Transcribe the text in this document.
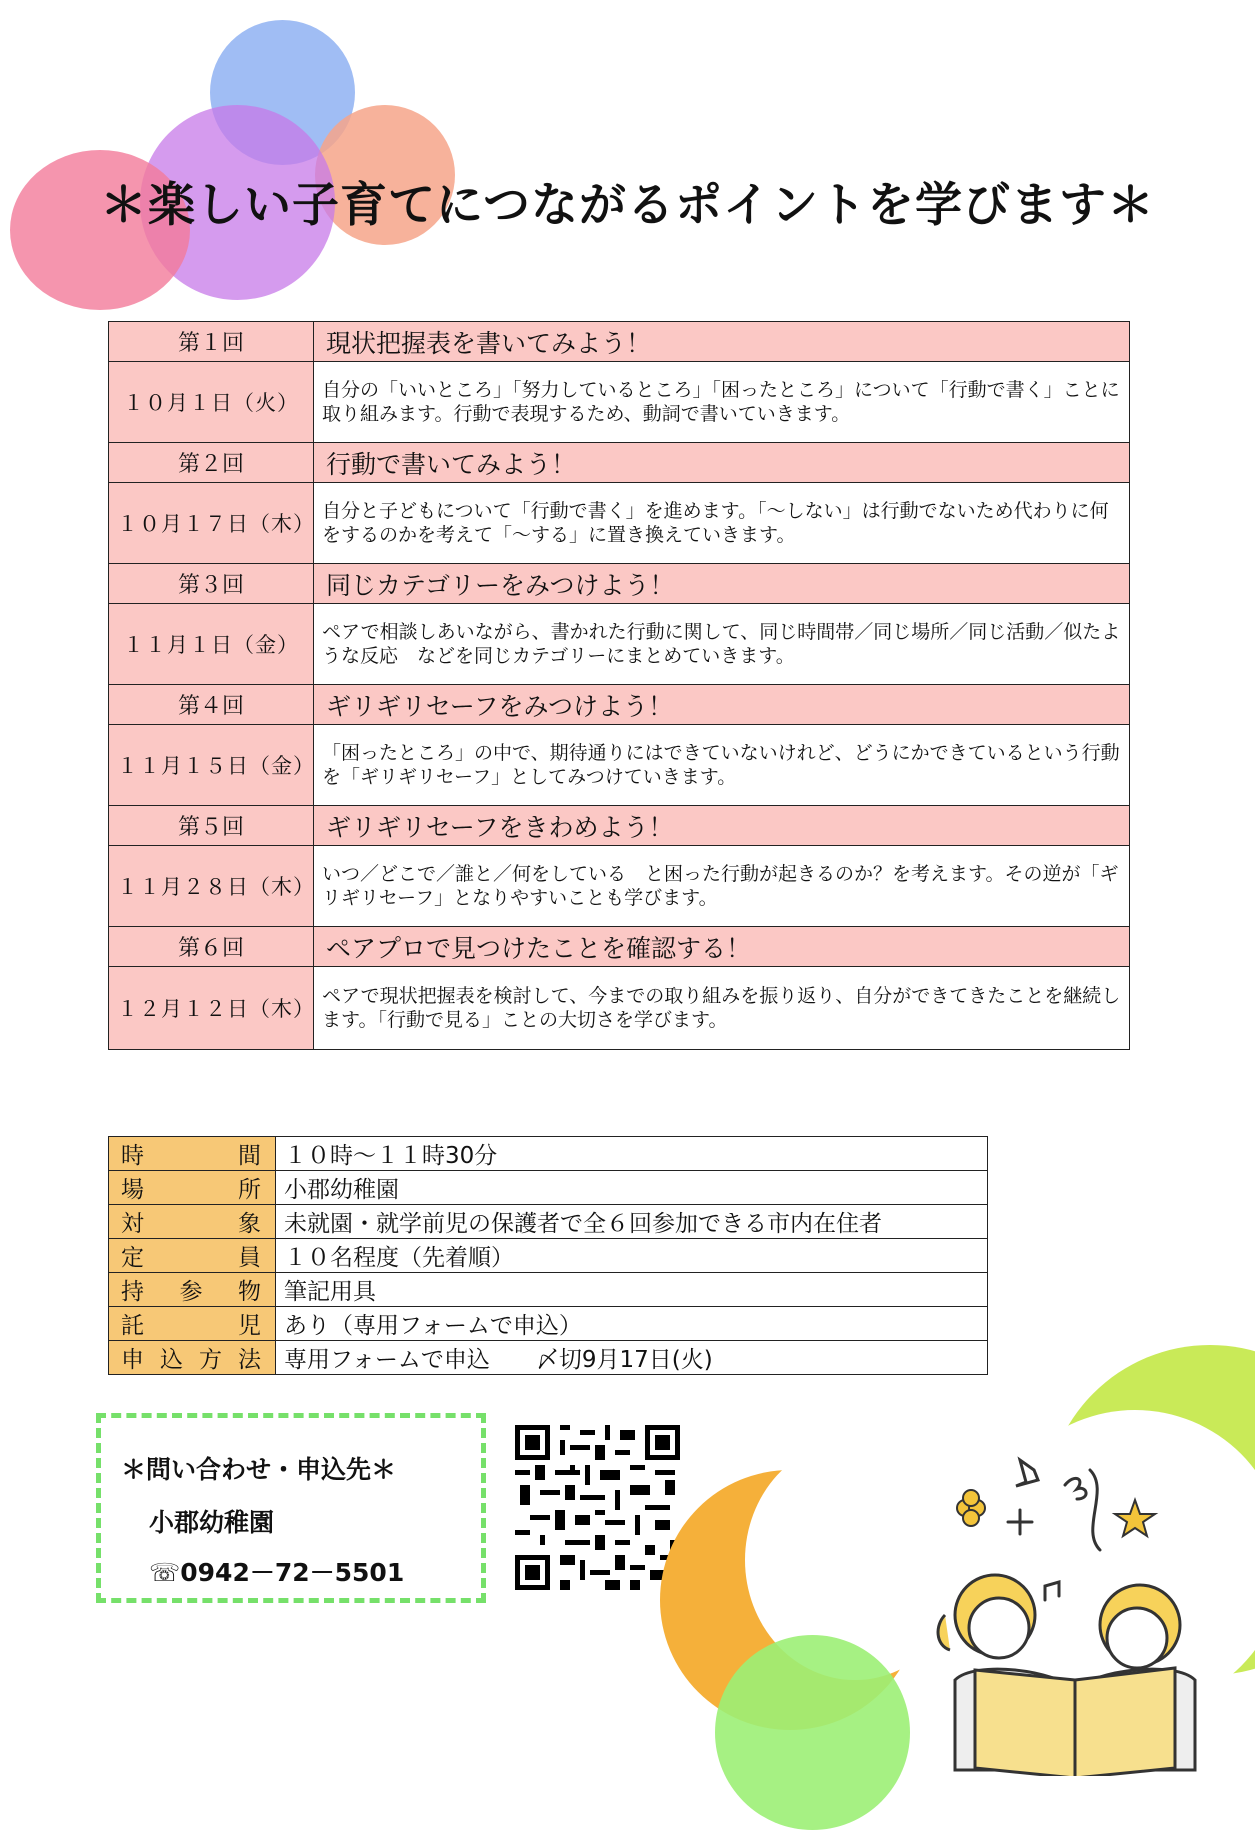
＊楽しい子育てにつながるポイントを学びます＊
第１回	現状把握表を書いてみよう！
１０月１日（火）	自分の「いいところ」「努力しているところ」「困ったところ」について「行動で書く」ことに取り組みます。行動で表現するため、動詞で書いていきます。
第２回	行動で書いてみよう！
１０月１７日（木）	自分と子どもについて「行動で書く」を進めます。「～しない」は行動でないため代わりに何をするのかを考えて「～する」に置き換えていきます。
第３回	同じカテゴリーをみつけよう！
１１月１日（金）	ペアで相談しあいながら、書かれた行動に関して、同じ時間帯／同じ場所／同じ活動／似たような反応　などを同じカテゴリーにまとめていきます。
第４回	ギリギリセーフをみつけよう！
１１月１５日（金）	「困ったところ」の中で、期待通りにはできていないけれど、どうにかできているという行動を「ギリギリセーフ」としてみつけていきます。
第５回	ギリギリセーフをきわめよう！
１１月２８日（木）	いつ／どこで／誰と／何をしている　と困った行動が起きるのか？を考えます。その逆が「ギリギリセーフ」となりやすいことも学びます。
第６回	ペアプロで見つけたことを確認する！
１２月１２日（木）	ペアで現状把握表を検討して、今までの取り組みを振り返り、自分ができてきたことを継続します。「行動で見る」ことの大切さを学びます。
時間	１０時～１１時30分
場所	小郡幼稚園
対象	未就園・就学前児の保護者で全６回参加できる市内在住者
定員	１０名程度（先着順）
持参物	筆記用具
託児	あり（専用フォームで申込）
申込方法	専用フォームで申込　　〆切9月17日(火)
＊問い合わせ・申込先＊
小郡幼稚園
☏0942－72－5501
